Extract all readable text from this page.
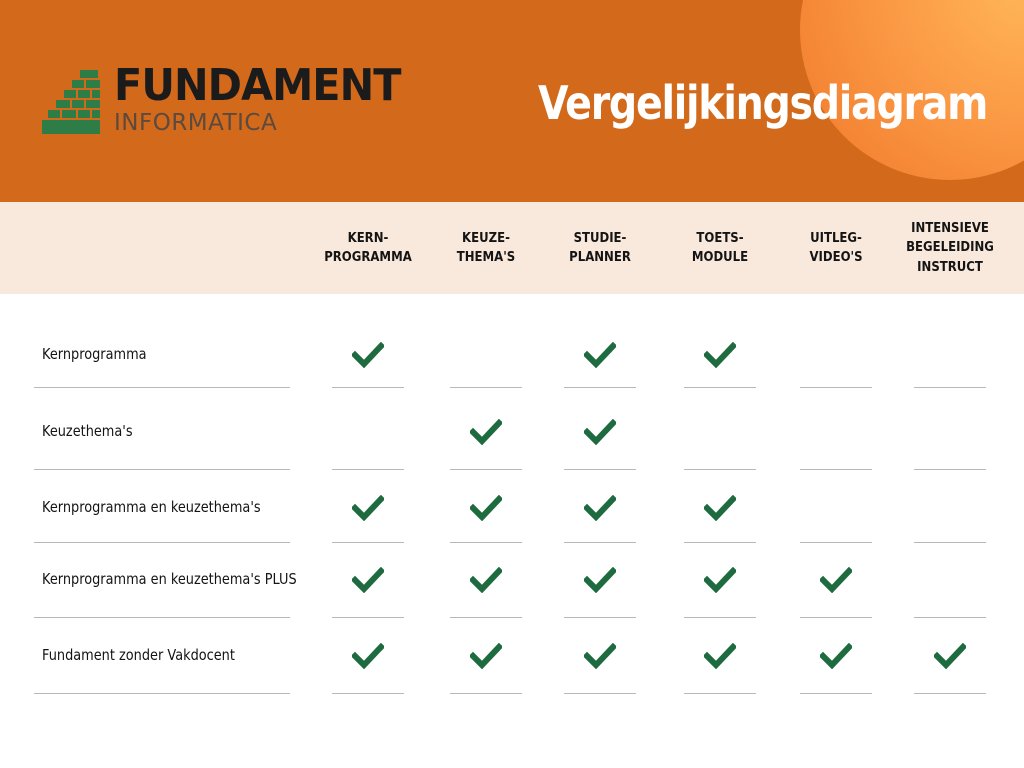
FUNDAMENT
INFORMATICA	Vergelijkingsdiagram
KERN-
PROGRAMMA
KEUZE-
THEMA'S
STUDIE-
PLANNER
TOETS-
MODULE
UITLEG-
VIDEO'S
INTENSIEVE
BEGELEIDING
INSTRUCT
Kernprogramma
Keuzethema's
Kernprogramma en keuzethema's
Kernprogramma en keuzethema's PLUS
Fundament zonder Vakdocent
